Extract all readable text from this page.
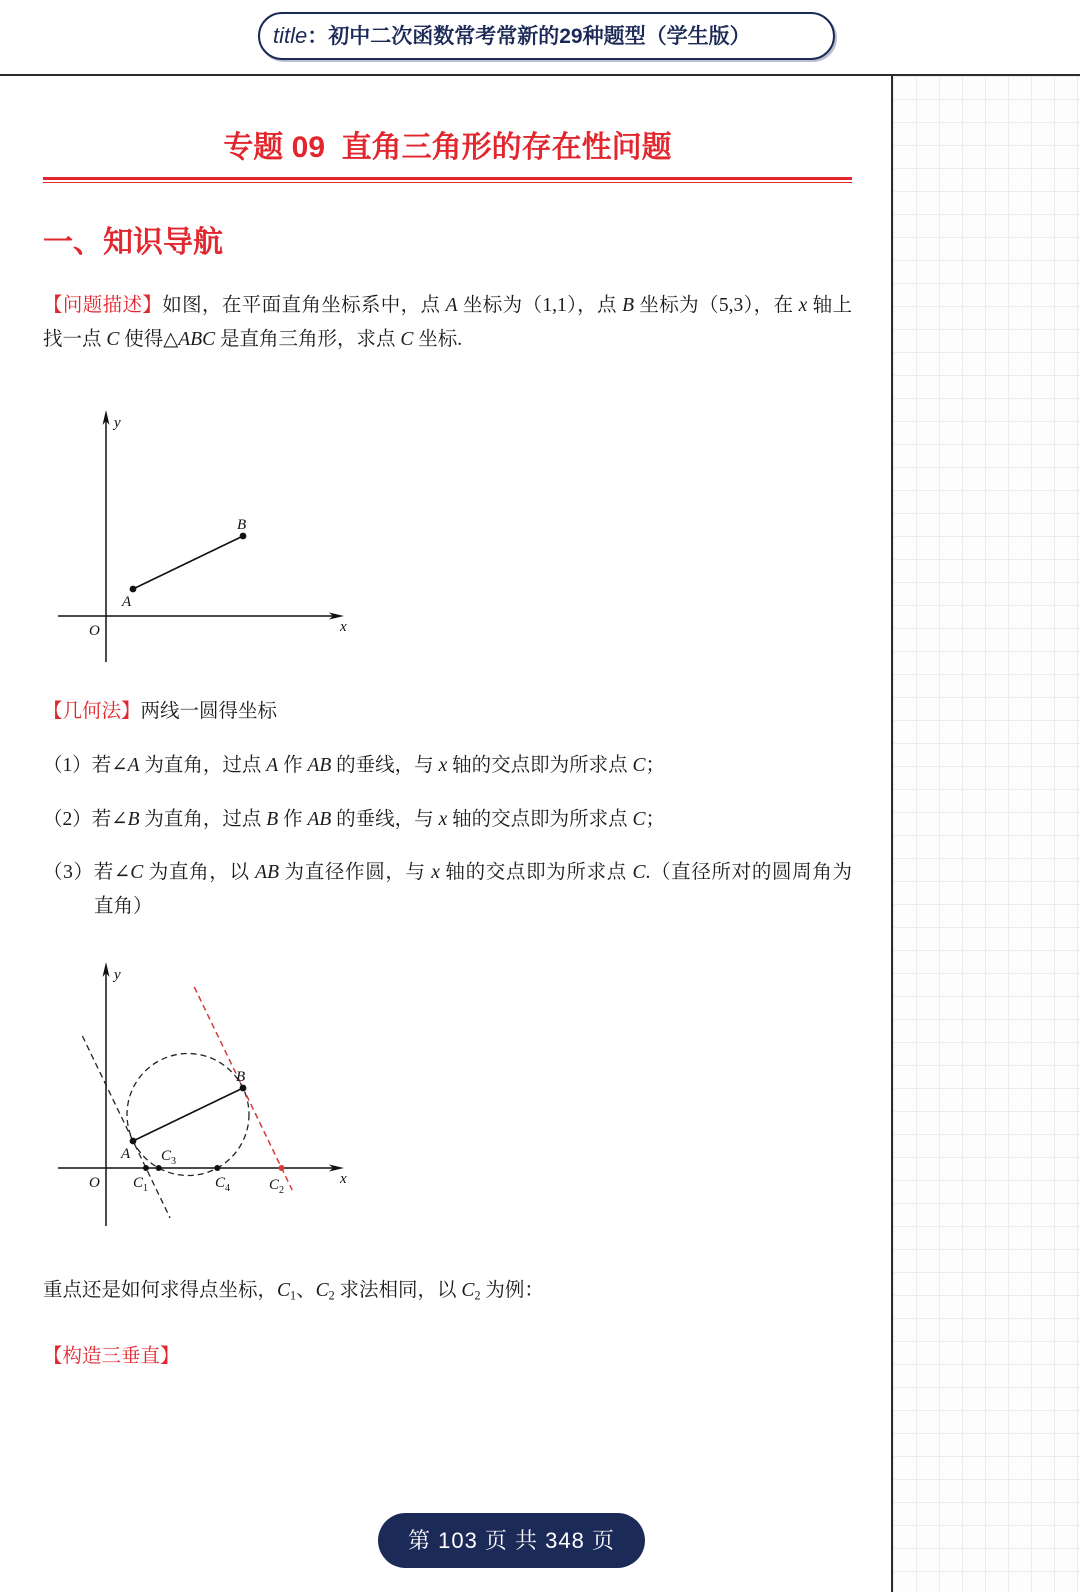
title：初中二次函数常考常新的29种题型（学生版）
专题 09  直角三角形的存在性问题
一、知识导航
【问题描述】如图，在平面直角坐标系中，点 A 坐标为（1,1），点 B 坐标为（5,3），在 x 轴上
找一点 C 使得△ABC 是直角三角形，求点 C 坐标.
y
x
O
A
B
【几何法】两线一圆得坐标
（1）若∠A 为直角，过点 A 作 AB 的垂线，与 x 轴的交点即为所求点 C；
（2）若∠B 为直角，过点 B 作 AB 的垂线，与 x 轴的交点即为所求点 C；
（3）若∠C 为直角，以 AB 为直径作圆，与 x 轴的交点即为所求点 C.（直径所对的圆周角为
直角）
y
x
O
A
B
$C_1$
$C_3$
$C_4$	$C_2$
重点还是如何求得点坐标，$C_1$、$C_2$ 求法相同，以 $C_2$ 为例：
【构造三垂直】
第 103 页 共 348 页
